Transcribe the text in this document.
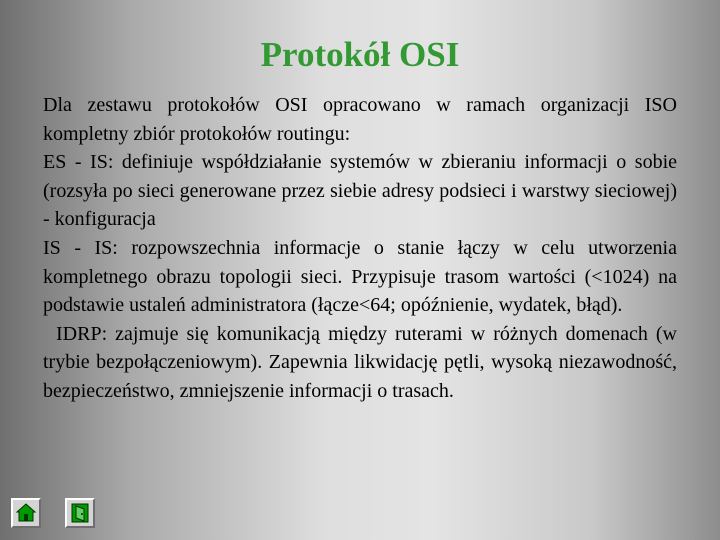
Protokół OSI

Dla zestawu protokołów OSI opracowano w ramach organizacji ISO kompletny zbiór protokołów routingu:

ES - IS: definiuje współdziałanie systemów w zbieraniu informacji o sobie (rozsyła po sieci generowane przez siebie adresy podsieci i warstwy sieciowej) - konfiguracja

IS - IS: rozpowszechnia informacje o stanie łączy w celu utworzenia kompletnego obrazu topologii sieci. Przypisuje trasom wartości (<1024) na podstawie ustaleń administratora (łącze<64; opóźnienie, wydatek, błąd).

IDRP: zajmuje się komunikacją między ruterami w różnych domenach (w trybie bezpołączeniowym). Zapewnia likwidację pętli, wysoką niezawodność, bezpieczeństwo, zmniejszenie informacji o trasach.
